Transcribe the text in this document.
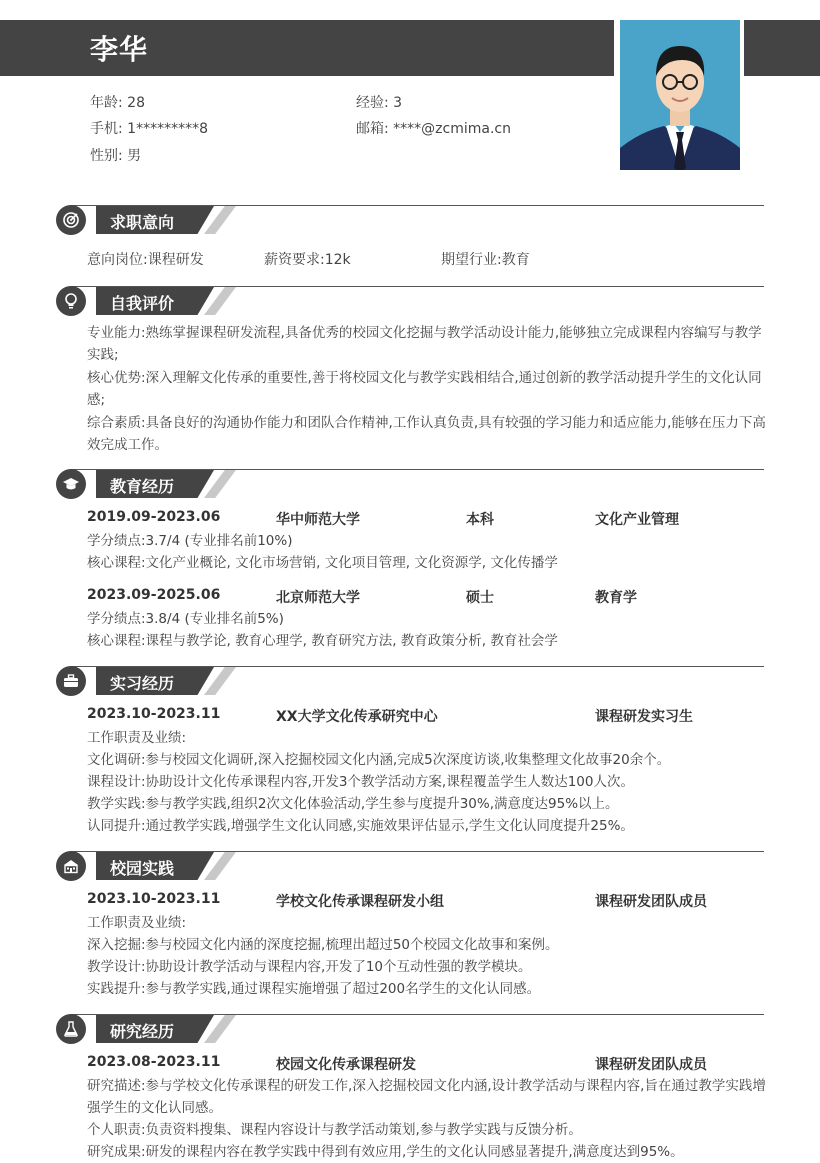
李华
年龄: 28	经验: 3
手机: 1*********8	邮箱: ****@zcmima.cn
性别: 男
求职意向
意向岗位:课程研发	薪资要求:12k	期望行业:教育
自我评价
专业能力:熟练掌握课程研发流程,具备优秀的校园文化挖掘与教学活动设计能力,能够独立完成课程内容编写与教学实践;
核心优势:深入理解文化传承的重要性,善于将校园文化与教学实践相结合,通过创新的教学活动提升学生的文化认同感;
综合素质:具备良好的沟通协作能力和团队合作精神,工作认真负责,具有较强的学习能力和适应能力,能够在压力下高效完成工作。
教育经历
2019.09-2023.06	华中师范大学	本科	文化产业管理
学分绩点:3.7/4 (专业排名前10%)
核心课程:文化产业概论, 文化市场营销, 文化项目管理, 文化资源学, 文化传播学
2023.09-2025.06	北京师范大学	硕士	教育学
学分绩点:3.8/4 (专业排名前5%)
核心课程:课程与教学论, 教育心理学, 教育研究方法, 教育政策分析, 教育社会学
实习经历
2023.10-2023.11	XX大学文化传承研究中心	课程研发实习生
工作职责及业绩:
文化调研:参与校园文化调研,深入挖掘校园文化内涵,完成5次深度访谈,收集整理文化故事20余个。
课程设计:协助设计文化传承课程内容,开发3个教学活动方案,课程覆盖学生人数达100人次。
教学实践:参与教学实践,组织2次文化体验活动,学生参与度提升30%,满意度达95%以上。
认同提升:通过教学实践,增强学生文化认同感,实施效果评估显示,学生文化认同度提升25%。
校园实践
2023.10-2023.11	学校文化传承课程研发小组	课程研发团队成员
工作职责及业绩:
深入挖掘:参与校园文化内涵的深度挖掘,梳理出超过50个校园文化故事和案例。
教学设计:协助设计教学活动与课程内容,开发了10个互动性强的教学模块。
实践提升:参与教学实践,通过课程实施增强了超过200名学生的文化认同感。
研究经历
2023.08-2023.11	校园文化传承课程研发	课程研发团队成员
研究描述:参与学校文化传承课程的研发工作,深入挖掘校园文化内涵,设计教学活动与课程内容,旨在通过教学实践增强学生的文化认同感。
个人职责:负责资料搜集、课程内容设计与教学活动策划,参与教学实践与反馈分析。
研究成果:研发的课程内容在教学实践中得到有效应用,学生的文化认同感显著提升,满意度达到95%。
